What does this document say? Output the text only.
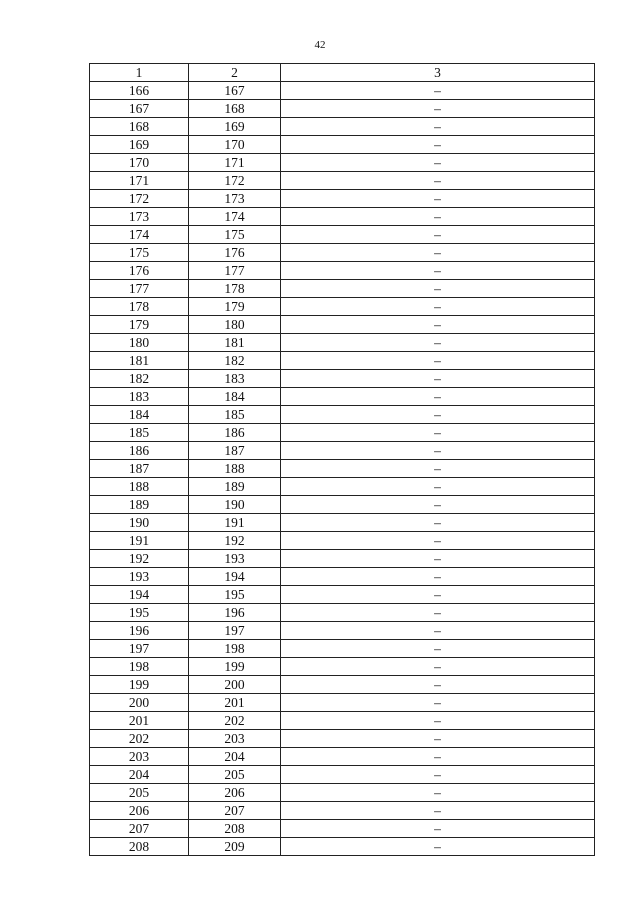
42
1	2	3
166	167	–
167	168	–
168	169	–
169	170	–
170	171	–
171	172	–
172	173	–
173	174	–
174	175	–
175	176	–
176	177	–
177	178	–
178	179	–
179	180	–
180	181	–
181	182	–
182	183	–
183	184	–
184	185	–
185	186	–
186	187	–
187	188	–
188	189	–
189	190	–
190	191	–
191	192	–
192	193	–
193	194	–
194	195	–
195	196	–
196	197	–
197	198	–
198	199	–
199	200	–
200	201	–
201	202	–
202	203	–
203	204	–
204	205	–
205	206	–
206	207	–
207	208	–
208	209	–
